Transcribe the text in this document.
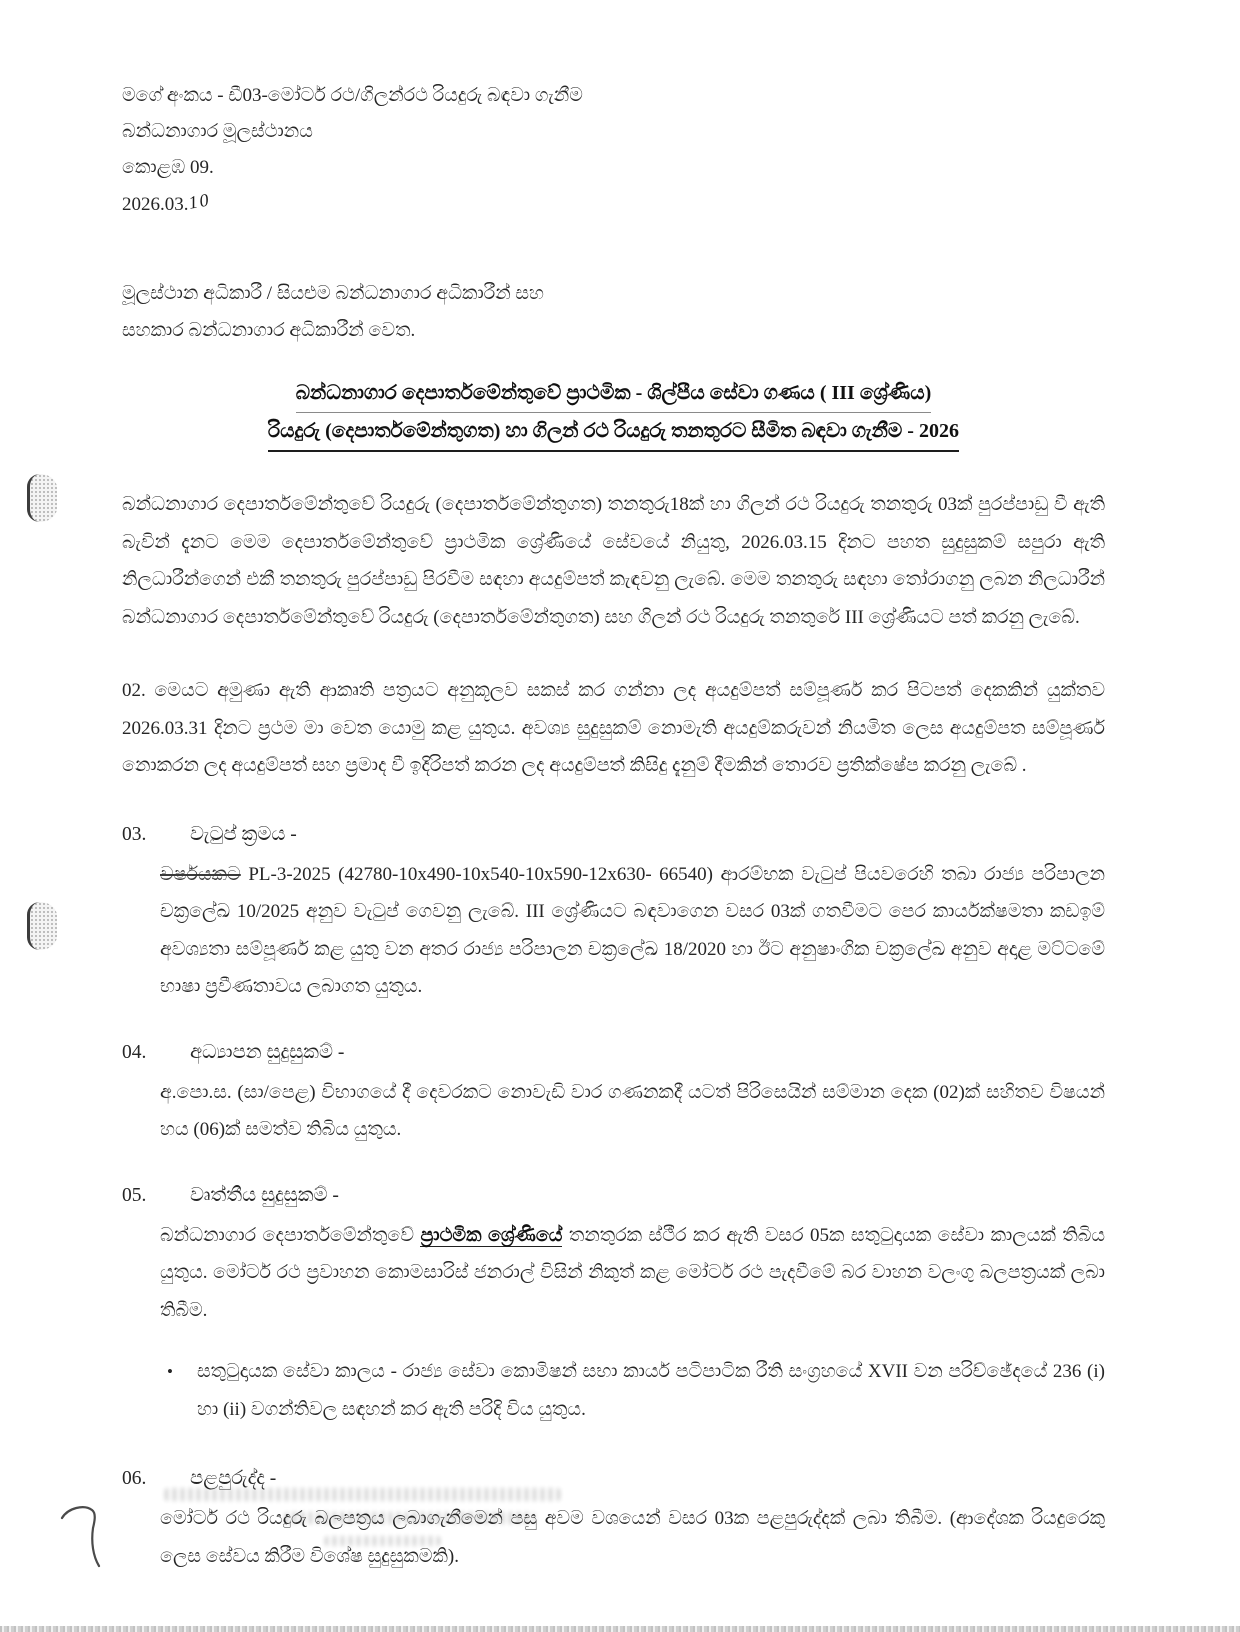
මගේ අංකය - ඩී03-මෝටර් රථ/ගිලන්රථ රියදුරු බඳවා ගැනීම
බන්ධනාගාර මූලස්ථානය
කොළඹ 09.
2026.03.10
මූලස්ථාන අධිකාරී / සියළුම බන්ධනාගාර අධිකාරීන් සහ
සහකාර බන්ධනාගාර අධිකාරීන් වෙත.
බන්ධනාගාර දෙපාර්තමේන්තුවේ ප්‍රාථමික - ශිල්පීය සේවා ගණය ( III ශ්‍රේණිය)
රියදුරු (දෙපාර්තමේන්තුගත) හා ගිලන් රථ රියදුරු තනතුරට සීමිත බඳවා ගැනීම - 2026

බන්ධනාගාර දෙපාර්තමේන්තුවේ රියදුරු (දෙපාර්තමේන්තුගත) තනතුරු18ක් හා ගිලන් රථ රියදුරු තනතුරු 03ක් පුරප්පාඩු වී ඇති බැවින් දැනට මෙම දෙපාර්තමේන්තුවේ ප්‍රාථමික ශ්‍රේණියේ සේවයේ නියුතු, 2026.03.15 දිනට පහත සුදුසුකම් සපුරා ඇති නිලධාරීන්ගෙන් එකී තනතුරු පුරප්පාඩු පිරවීම සඳහා අයදුම්පත් කැඳවනු ලැබේ. මෙම තනතුරු සඳහා තෝරාගනු ලබන නිලධාරීන් බන්ධනාගාර දෙපාර්තමේන්තුවේ රියදුරු (දෙපාර්තමේන්තුගත) සහ ගිලන් රථ රියදුරු තනතුරේ III ශ්‍රේණියට පත් කරනු ලැබේ.

02. මෙයට අමුණා ඇති ආකෘති පත්‍රයට අනුකූලව සකස් කර ගන්නා ලද අයදුම්පත් සම්පූර්ණ කර පිටපත් දෙකකින් යුක්තව 2026.03.31 දිනට ප්‍රථම මා වෙත යොමු කළ යුතුය. අවශ්‍ය සුදුසුකම් නොමැති අයදුම්කරුවන් නියමිත ලෙස අයදුම්පත සම්පූර්ණ නොකරන ලද අයදුම්පත් සහ ප්‍රමාද වී ඉදිරිපත් කරන ලද අයදුම්පත් කිසිදු දැනුම් දීමකින් තොරව ප්‍රතික්ෂේප කරනු ලැබේ .

03.	වැටුප් ක්‍රමය -
වර්ෂයකට PL-3-2025 (42780-10x490-10x540-10x590-12x630- 66540) ආරම්භක වැටුප් පියවරෙහි තබා රාජ්‍ය පරිපාලන චක්‍රලේඛ 10/2025 අනුව වැටුප් ගෙවනු ලැබේ. III ශ්‍රේණියට බඳවාගෙන වසර 03ක් ගතවීමට පෙර කාර්යක්ෂමතා කඩඉම් අවශ්‍යතා සම්පූර්ණ කළ යුතු වන අතර රාජ්‍ය පරිපාලන චක්‍රලේඛ 18/2020 හා ඊට අනුෂාංගික චක්‍රලේඛ අනුව අදාළ මට්ටමේ භාෂා ප්‍රවීණතාවය ලබාගත යුතුය.
04.	අධ්‍යාපන සුදුසුකම් -
අ.පො.ස. (සා/පෙළ) විභාගයේ දී දෙවරකට නොවැඩි වාර ගණනකදී යටත් පිරිසෙයින් සම්මාන දෙක (02)ක් සහිතව විෂයන් හය (06)ක් සමත්ව තිබිය යුතුය.
05.	වෘත්තීය සුදුසුකම් -
බන්ධනාගාර දෙපාර්තමේන්තුවේ ප්‍රාථමික ශ්‍රේණියේ තනතුරක ස්ථීර කර ඇති වසර 05ක සතුටුදායක සේවා කාලයක් තිබිය යුතුය. මෝටර් රථ ප්‍රවාහන කොමසාරිස් ජනරාල් විසින් නිකුත් කළ මෝටර් රථ පැදවීමේ බර වාහන වලංගු බලපත්‍රයක් ලබා තිබීම.
•	සතුටුදායක සේවා කාලය - රාජ්‍ය සේවා කොමිෂන් සභා කාර්ය පටිපාටික රීති සංග්‍රහයේ XVII වන පරිච්ඡේදයේ 236 (i) හා (ii) වගන්තිවල සඳහන් කර ඇති පරිදි විය යුතුය.
06.	පළපුරුද්ද -
මෝටර් රථ රියදුරු බලපත්‍රය ලබාගැනීමෙන් පසු අවම වශයෙන් වසර 03ක පළපුරුද්දක් ලබා තිබීම. (ආදේශක රියදුරෙකු ලෙස සේවය කිරීම විශේෂ සුදුසුකමකි).
